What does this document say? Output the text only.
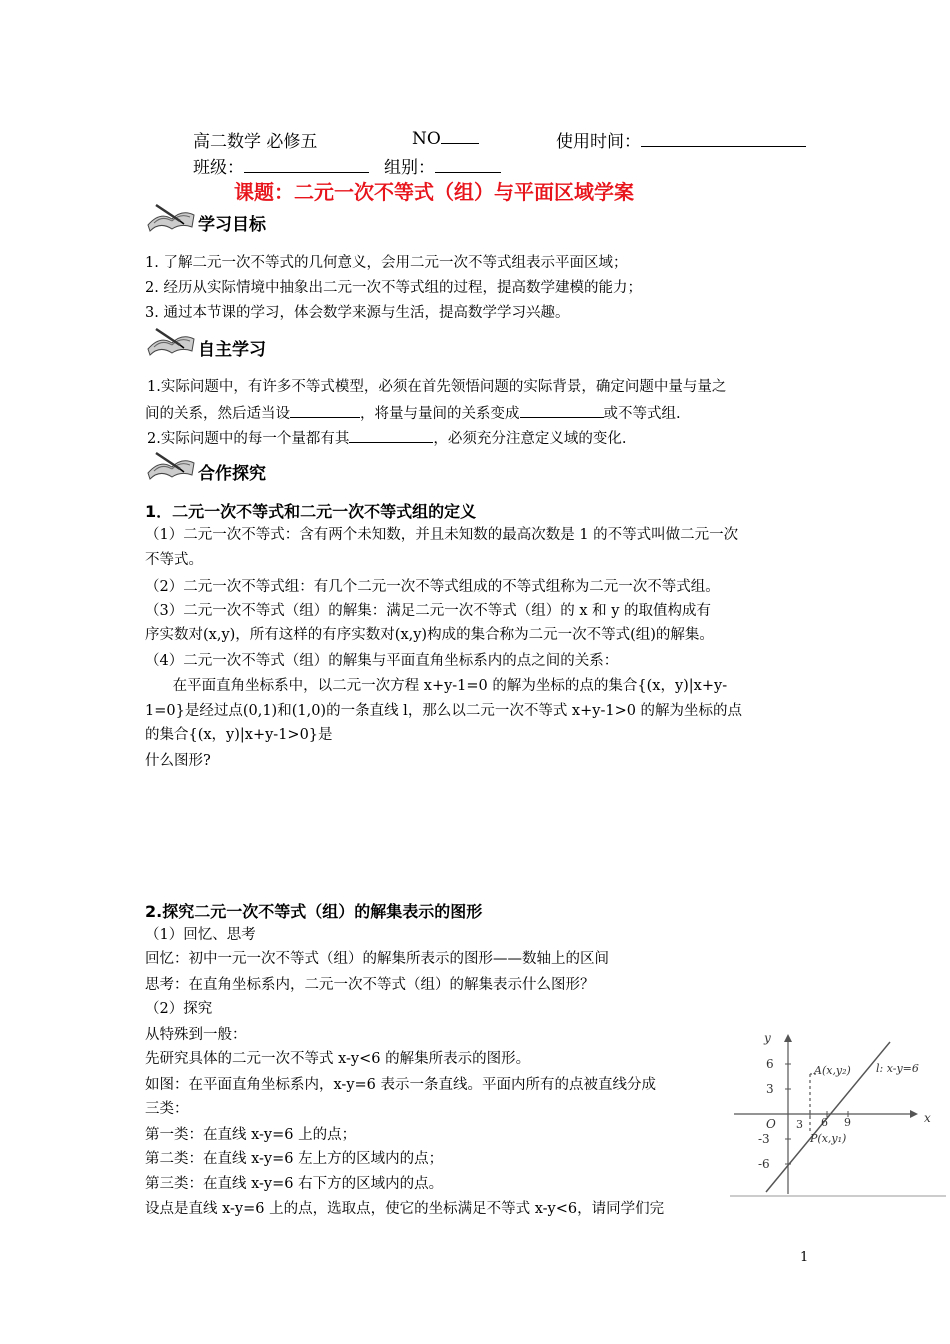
高二数学 必修五	NO	使用时间：
班级：	组别：
课题：二元一次不等式（组）与平面区域学案
学习目标
1. 了解二元一次不等式的几何意义，会用二元一次不等式组表示平面区域；
2. 经历从实际情境中抽象出二元一次不等式组的过程，提高数学建模的能力；
3. 通过本节课的学习，体会数学来源与生活，提高数学学习兴趣。
自主学习
1.实际问题中，有许多不等式模型，必须在首先领悟问题的实际背景，确定问题中量与量之
间的关系，然后适当设	，将量与量间的关系变成	或不等式组.
2.实际问题中的每一个量都有其	，必须充分注意定义域的变化.
合作探究
1．二元一次不等式和二元一次不等式组的定义
（1）二元一次不等式：含有两个未知数，并且未知数的最高次数是 1 的不等式叫做二元一次
不等式。
（2）二元一次不等式组：有几个二元一次不等式组成的不等式组称为二元一次不等式组。
（3）二元一次不等式（组）的解集：满足二元一次不等式（组）的 x 和 y 的取值构成有
序实数对(x,y)，所有这样的有序实数对(x,y)构成的集合称为二元一次不等式(组)的解集。
（4）二元一次不等式（组）的解集与平面直角坐标系内的点之间的关系：
在平面直角坐标系中，以二元一次方程 x+y-1=0 的解为坐标的点的集合{(x，y)|x+y-
1=0}是经过点(0,1)和(1,0)的一条直线 l，那么以二元一次不等式 x+y-1>0 的解为坐标的点
的集合{(x，y)|x+y-1>0}是
什么图形?
2.探究二元一次不等式（组）的解集表示的图形
（1）回忆、思考
回忆：初中一元一次不等式（组）的解集所表示的图形——数轴上的区间
思考：在直角坐标系内，二元一次不等式（组）的解集表示什么图形？
（2）探究
从特殊到一般：
先研究具体的二元一次不等式 x-y<6 的解集所表示的图形。
如图：在平面直角坐标系内，x-y=6 表示一条直线。平面内所有的点被直线分成
三类：
第一类：在直线 x-y=6 上的点；
第二类：在直线 x-y=6 左上方的区域内的点；
第三类：在直线 x-y=6 右下方的区域内的点。
设点是直线 x-y=6 上的点，选取点，使它的坐标满足不等式 x-y<6，请同学们完
y
x
6
3
-3
-6
O 3 6 9
A(x,y₂)
P(x,y₁)
l: x-y=6
1
